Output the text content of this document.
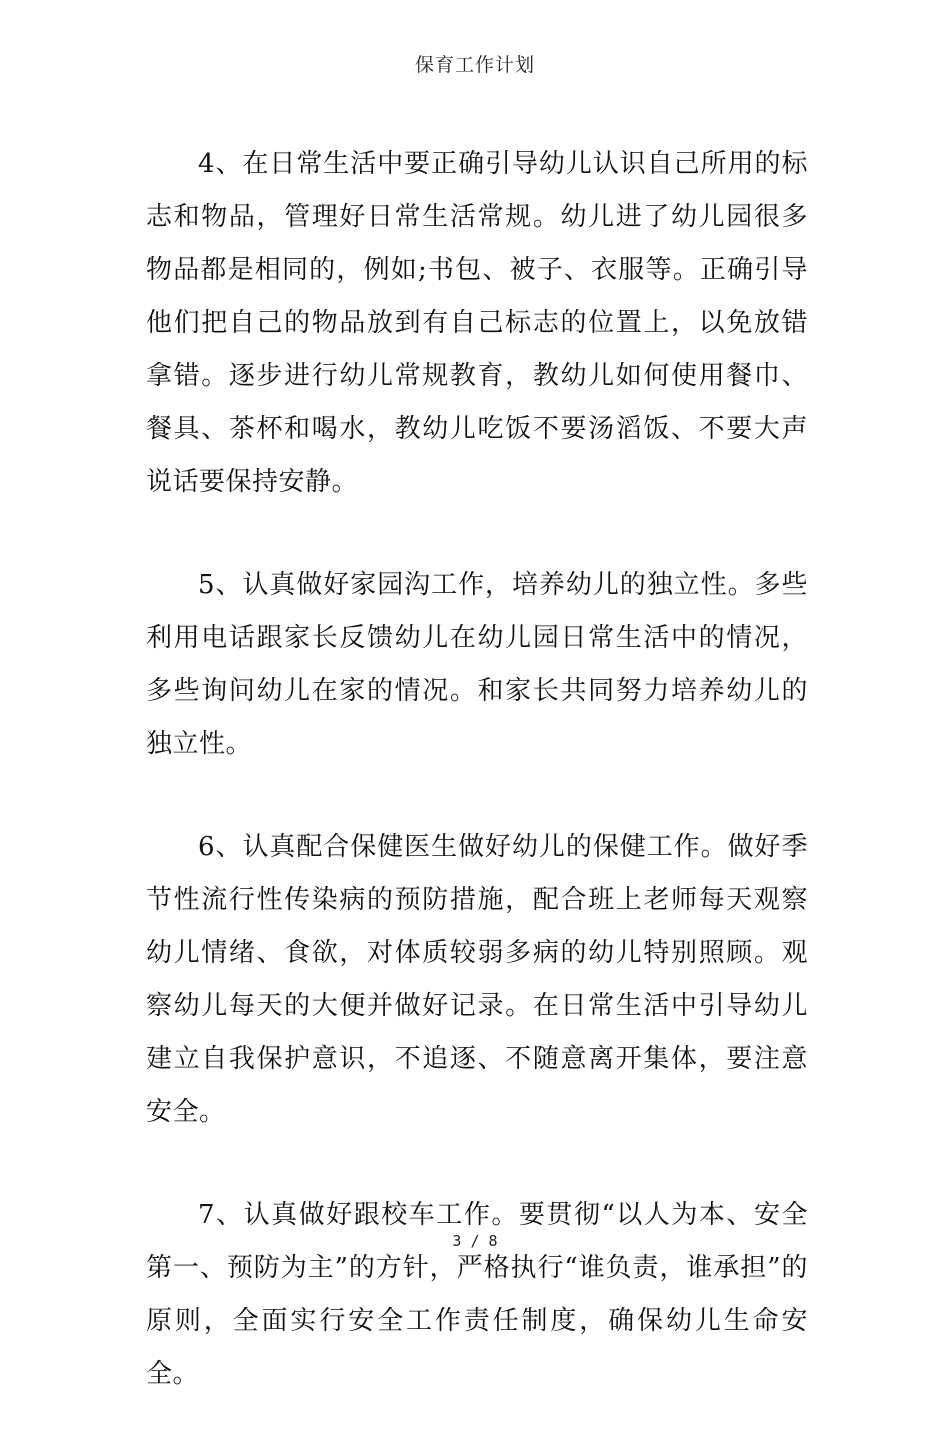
保育工作计划

4、在日常生活中要正确引导幼儿认识自己所用的标志和物品，管理好日常生活常规。幼儿进了幼儿园很多物品都是相同的，例如;书包、被子、衣服等。正确引导他们把自己的物品放到有自己标志的位置上，以免放错拿错。逐步进行幼儿常规教育，教幼儿如何使用餐巾、餐具、茶杯和喝水，教幼儿吃饭不要汤滔饭、不要大声说话要保持安静。

5、认真做好家园沟工作，培养幼儿的独立性。多些利用电话跟家长反馈幼儿在幼儿园日常生活中的情况，多些询问幼儿在家的情况。和家长共同努力培养幼儿的独立性。

6、认真配合保健医生做好幼儿的保健工作。做好季节性流行性传染病的预防措施，配合班上老师每天观察幼儿情绪、食欲，对体质较弱多病的幼儿特别照顾。观察幼儿每天的大便并做好记录。在日常生活中引导幼儿建立自我保护意识，不追逐、不随意离开集体，要注意安全。

7、认真做好跟校车工作。要贯彻“以人为本、安全第一、预防为主”的方针，严格执行“谁负责，谁承担”的原则，全面实行安全工作责任制度，确保幼儿生命安全。

3 / 8
